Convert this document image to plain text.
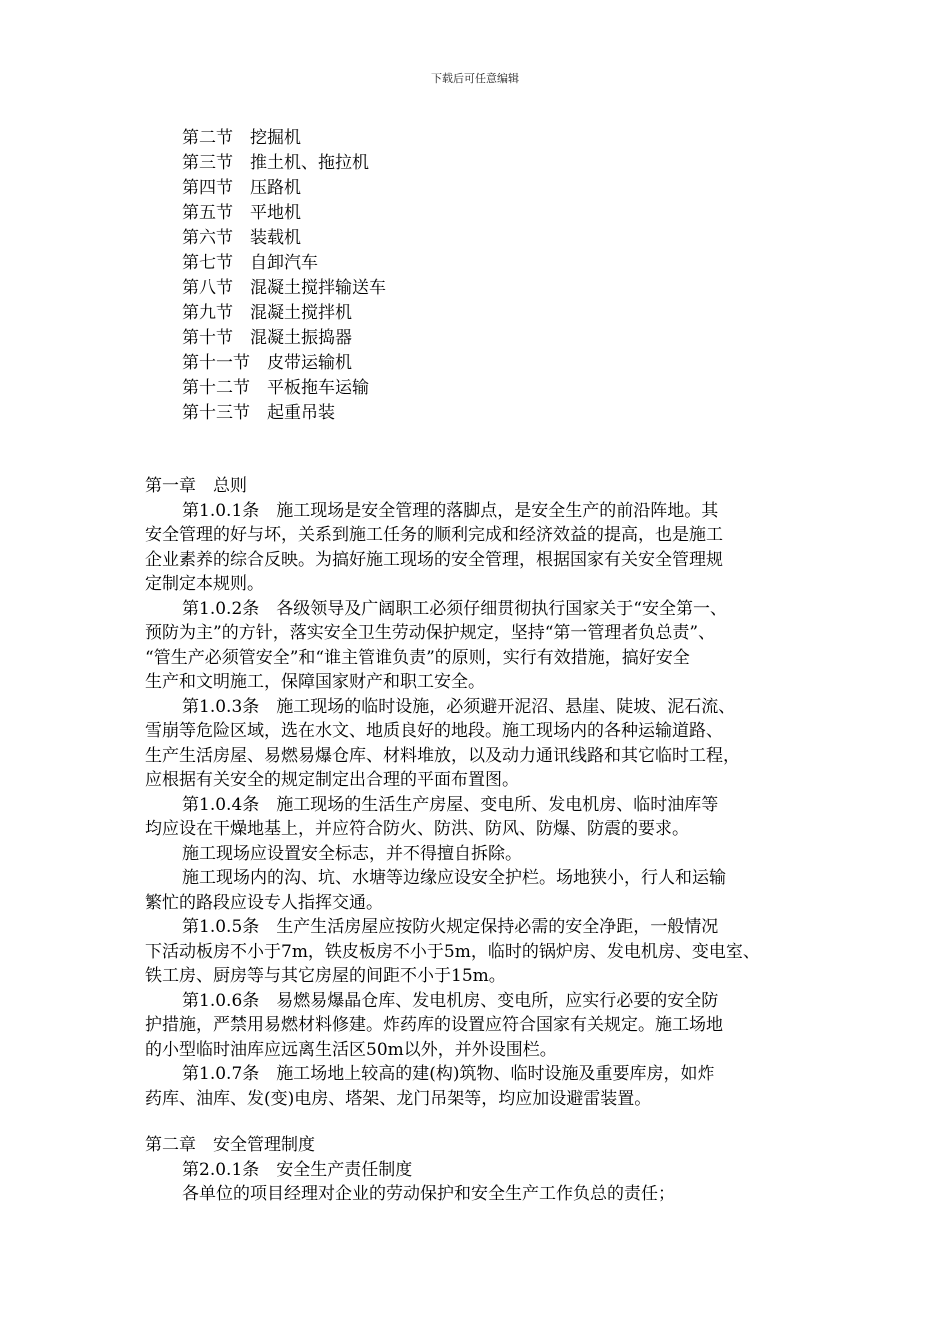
下载后可任意编辑
第二节　挖掘机
第三节　推土机、拖拉机
第四节　压路机
第五节　平地机
第六节　装载机
第七节　自卸汽车
第八节　混凝土搅拌输送车
第九节　混凝土搅拌机
第十节　混凝土振捣器
第十一节　皮带运输机
第十二节　平板拖车运输
第十三节　起重吊装
第一章　总则
第1.0.1条　施工现场是安全管理的落脚点，是安全生产的前沿阵地。其
安全管理的好与坏，关系到施工任务的顺利完成和经济效益的提高，也是施工
企业素养的综合反映。为搞好施工现场的安全管理，根据国家有关安全管理规
定制定本规则。
第1.0.2条　各级领导及广阔职工必须仔细贯彻执行国家关于“安全第一、
预防为主”的方针，落实安全卫生劳动保护规定，坚持“第一管理者负总责”、
“管生产必须管安全”和“谁主管谁负责”的原则，实行有效措施，搞好安全
生产和文明施工，保障国家财产和职工安全。
第1.0.3条　施工现场的临时设施，必须避开泥沼、悬崖、陡坡、泥石流、
雪崩等危险区域，选在水文、地质良好的地段。施工现场内的各种运输道路、
生产生活房屋、易燃易爆仓库、材料堆放，以及动力通讯线路和其它临时工程，
应根据有关安全的规定制定出合理的平面布置图。
第1.0.4条　施工现场的生活生产房屋、变电所、发电机房、临时油库等
均应设在干燥地基上，并应符合防火、防洪、防风、防爆、防震的要求。
施工现场应设置安全标志，并不得擅自拆除。
施工现场内的沟、坑、水塘等边缘应设安全护栏。场地狭小，行人和运输
繁忙的路段应设专人指挥交通。
第1.0.5条　生产生活房屋应按防火规定保持必需的安全净距，一般情况
下活动板房不小于7m，铁皮板房不小于5m，临时的锅炉房、发电机房、变电室、
铁工房、厨房等与其它房屋的间距不小于15m。
第1.0.6条　易燃易爆晶仓库、发电机房、变电所，应实行必要的安全防
护措施，严禁用易燃材料修建。炸药库的设置应符合国家有关规定。施工场地
的小型临时油库应远离生活区50m以外，并外设围栏。
第1.0.7条　施工场地上较高的建(构)筑物、临时设施及重要库房，如炸
药库、油库、发(变)电房、塔架、龙门吊架等，均应加设避雷装置。
第二章　安全管理制度
第2.0.1条　安全生产责任制度
各单位的项目经理对企业的劳动保护和安全生产工作负总的责任；
